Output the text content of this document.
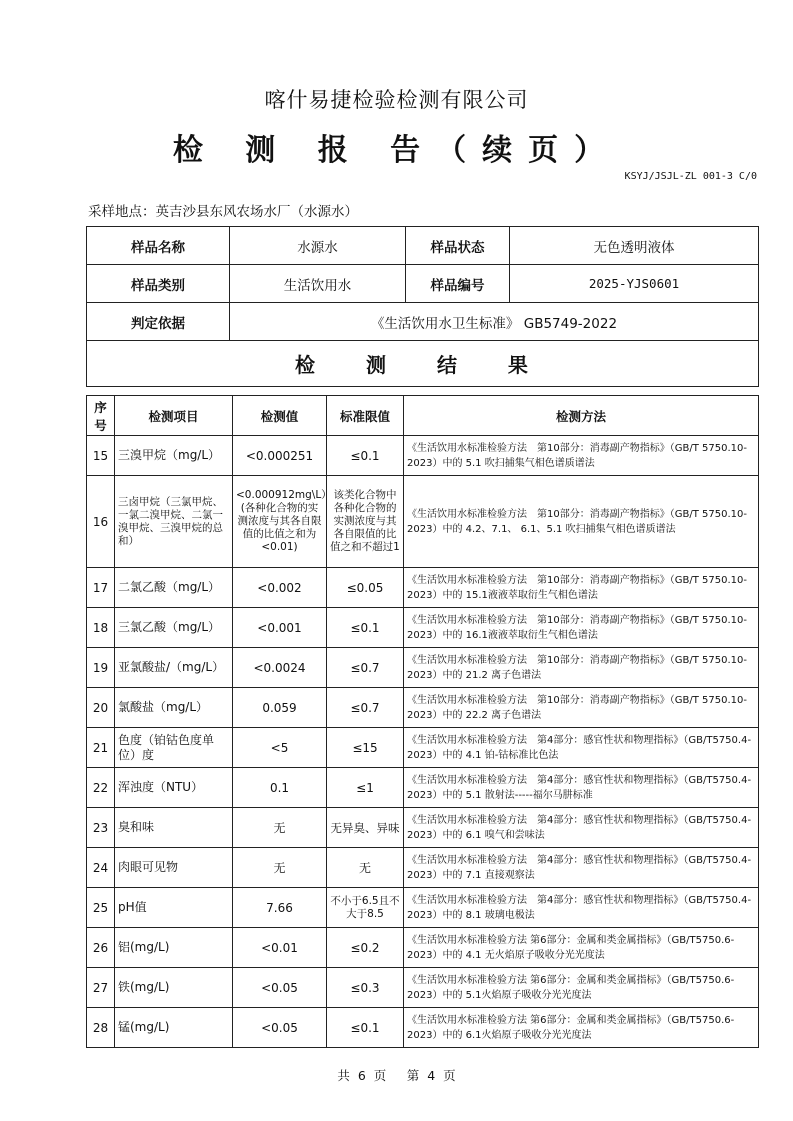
喀什易捷检验检测有限公司
检 测 报 告（续页）
KSYJ/JSJL-ZL 001-3 C/0
采样地点：英吉沙县东风农场水厂（水源水）
样品名称	水源水	样品状态	无色透明液体
样品类别	生活饮用水	样品编号	2025-YJS0601
判定依据	《生活饮用水卫生标准》 GB5749-2022		
检 测 结 果			
序号	检测项目	检测值	标准限值	检测方法
15	三溴甲烷（mg/L）	<0.000251	≤0.1	《生活饮用水标准检验方法　第10部分：消毒副产物指标》（GB/T 5750.10-2023）中的 5.1 吹扫捕集气相色谱质谱法
16	三卤甲烷（三氯甲烷、一氯二溴甲烷、二氯一溴甲烷、三溴甲烷的总和）	<0.000912mg\L）(各种化合物的实测浓度与其各自限值的比值之和为<0.01)	该类化合物中各种化合物的实测浓度与其各自限值的比值之和不超过1	《生活饮用水标准检验方法　第10部分：消毒副产物指标》（GB/T 5750.10-2023）中的 4.2、7.1、 6.1、5.1 吹扫捕集气相色谱质谱法
17	二氯乙酸（mg/L）	<0.002	≤0.05	《生活饮用水标准检验方法　第10部分：消毒副产物指标》（GB/T 5750.10-2023）中的 15.1液液萃取衍生气相色谱法
18	三氯乙酸（mg/L）	<0.001	≤0.1	《生活饮用水标准检验方法　第10部分：消毒副产物指标》（GB/T 5750.10-2023）中的 16.1液液萃取衍生气相色谱法
19	亚氯酸盐/（mg/L）	<0.0024	≤0.7	《生活饮用水标准检验方法　第10部分：消毒副产物指标》（GB/T 5750.10-2023）中的 21.2 离子色谱法
20	氯酸盐（mg/L）	0.059	≤0.7	《生活饮用水标准检验方法　第10部分：消毒副产物指标》（GB/T 5750.10-2023）中的 22.2 离子色谱法
21	色度（铂钴色度单位）度	<5	≤15	《生活饮用水标准检验方法　第4部分：感官性状和物理指标》（GB/T5750.4-2023）中的 4.1 铂-钴标准比色法
22	浑浊度（NTU）	0.1	≤1	《生活饮用水标准检验方法　第4部分：感官性状和物理指标》（GB/T5750.4-2023）中的 5.1 散射法-----福尔马肼标准
23	臭和味	无	无异臭、异味	《生活饮用水标准检验方法　第4部分：感官性状和物理指标》（GB/T5750.4-2023）中的 6.1 嗅气和尝味法
24	肉眼可见物	无	无	《生活饮用水标准检验方法　第4部分：感官性状和物理指标》（GB/T5750.4-2023）中的 7.1 直接观察法
25	pH值	7.66	不小于6.5且不大于8.5	《生活饮用水标准检验方法　第4部分：感官性状和物理指标》（GB/T5750.4-2023）中的 8.1 玻璃电极法
26	铝(mg/L)	<0.01	≤0.2	《生活饮用水标准检验方法 第6部分：金属和类金属指标》（GB/T5750.6-2023）中的 4.1 无火焰原子吸收分光光度法
27	铁(mg/L)	<0.05	≤0.3	《生活饮用水标准检验方法 第6部分：金属和类金属指标》（GB/T5750.6-2023）中的 5.1火焰原子吸收分光光度法
28	锰(mg/L)	<0.05	≤0.1	《生活饮用水标准检验方法 第6部分：金属和类金属指标》（GB/T5750.6-2023）中的 6.1火焰原子吸收分光光度法
共 6 页　 第 4 页
